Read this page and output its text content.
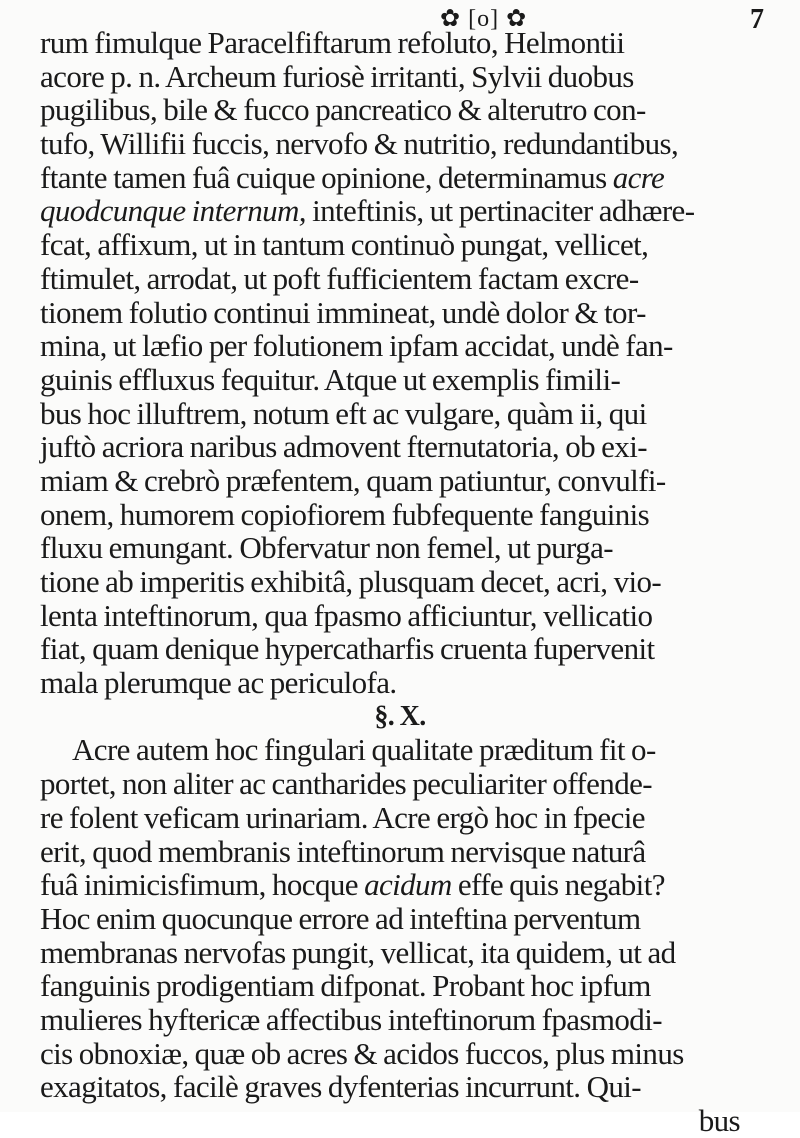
✿ [o] ✿	7
rum fimulque Paracelfiftarum refoluto, Helmontii
acore p. n. Archeum furiosè irritanti, Sylvii duobus
pugilibus, bile & fucco pancreatico & alterutro con-
tufo, Willifii fuccis, nervofo & nutritio, redundantibus,
ftante tamen fuâ cuique opinione, determinamus acre
quodcunque internum, inteftinis, ut pertinaciter adhære-
fcat, affixum, ut in tantum continuò pungat, vellicet,
ftimulet, arrodat, ut poft fufficientem factam excre-
tionem folutio continui immineat, undè dolor & tor-
mina, ut læfio per folutionem ipfam accidat, undè fan-
guinis effluxus fequitur. Atque ut exemplis fimili-
bus hoc illuftrem, notum eft ac vulgare, quàm ii, qui
juftò acriora naribus admovent fternutatoria, ob exi-
miam & crebrò præfentem, quam patiuntur, convulfi-
onem, humorem copiofiorem fubfequente fanguinis
fluxu emungant. Obfervatur non femel, ut purga-
tione ab imperitis exhibitâ, plusquam decet, acri, vio-
lenta inteftinorum, qua fpasmo afficiuntur, vellicatio
fiat, quam denique hypercatharfis cruenta fupervenit
mala plerumque ac periculofa.
§. X.
Acre autem hoc fingulari qualitate præditum fit o-
portet, non aliter ac cantharides peculiariter offende-
re folent veficam urinariam. Acre ergò hoc in fpecie
erit, quod membranis inteftinorum nervisque naturâ
fuâ inimicisfimum, hocque acidum effe quis negabit?
Hoc enim quocunque errore ad inteftina perventum
membranas nervofas pungit, vellicat, ita quidem, ut ad
fanguinis prodigentiam difponat. Probant hoc ipfum
mulieres hyftericæ affectibus inteftinorum fpasmodi-
cis obnoxiæ, quæ ob acres & acidos fuccos, plus minus
exagitatos, facilè graves dyfenterias incurrunt. Qui-
bus
